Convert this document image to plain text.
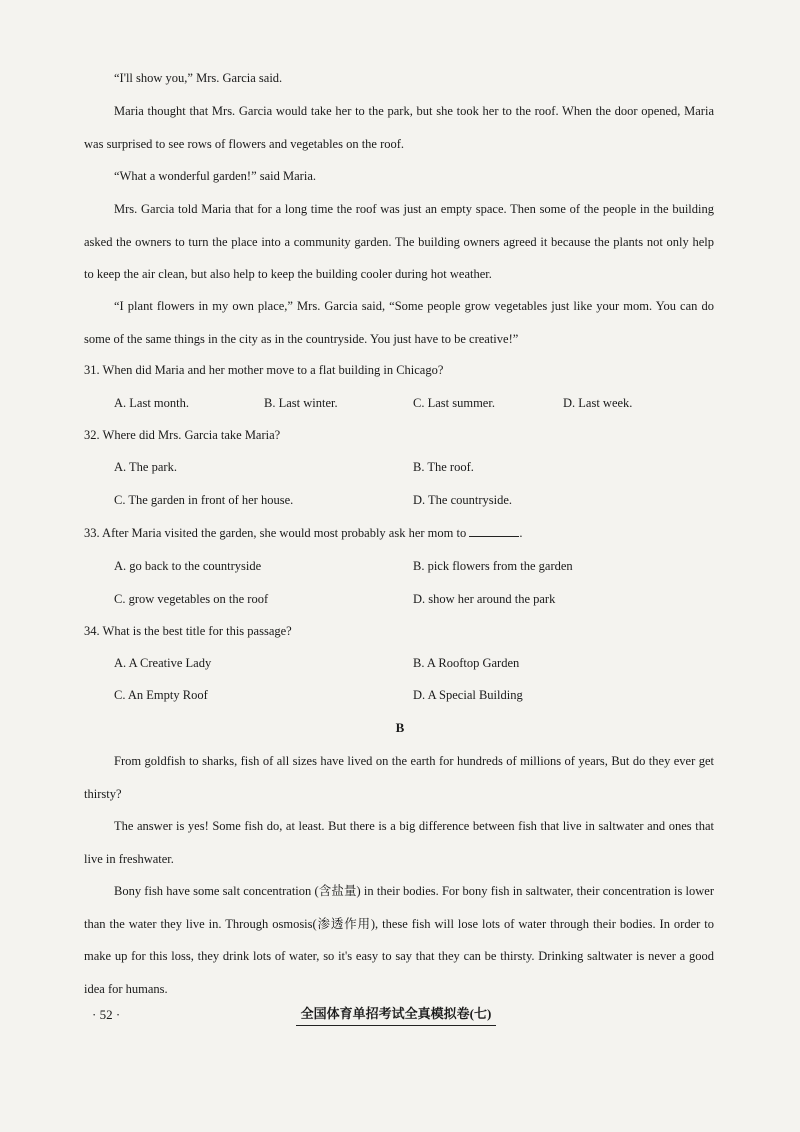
“I'll show you,” Mrs. Garcia said.

Maria thought that Mrs. Garcia would take her to the park, but she took her to the roof. When the door opened, Maria was surprised to see rows of flowers and vegetables on the roof.

“What a wonderful garden!” said Maria.

Mrs. Garcia told Maria that for a long time the roof was just an empty space. Then some of the people in the building asked the owners to turn the place into a community garden. The building owners agreed it because the plants not only help to keep the air clean, but also help to keep the building cooler during hot weather.

“I plant flowers in my own place,” Mrs. Garcia said, “Some people grow vegetables just like your mom. You can do some of the same things in the city as in the countryside. You just have to be creative!”

31. When did Maria and her mother move to a flat building in Chicago?

A. Last month.	B. Last winter.	C. Last summer.	D. Last week.

32. Where did Mrs. Garcia take Maria?

A. The park.	B. The roof.

C. The garden in front of her house.	D. The countryside.

33. After Maria visited the garden, she would most probably ask her mom to	.

A. go back to the countryside	B. pick flowers from the garden

C. grow vegetables on the roof	D. show her around the park

34. What is the best title for this passage?

A. A Creative Lady	B. A Rooftop Garden

C. An Empty Roof	D. A Special Building

B

From goldfish to sharks, fish of all sizes have lived on the earth for hundreds of millions of years, But do they ever get thirsty?

The answer is yes! Some fish do, at least. But there is a big difference between fish that live in saltwater and ones that live in freshwater.

Bony fish have some salt concentration (含盐量) in their bodies. For bony fish in saltwater, their concentration is lower than the water they live in. Through osmosis(渗透作用), these fish will lose lots of water through their bodies. In order to make up for this loss, they drink lots of water, so it's easy to say that they can be thirsty. Drinking saltwater is never a good idea for humans.

· 52 ·	全国体育单招考试全真模拟卷(七)
